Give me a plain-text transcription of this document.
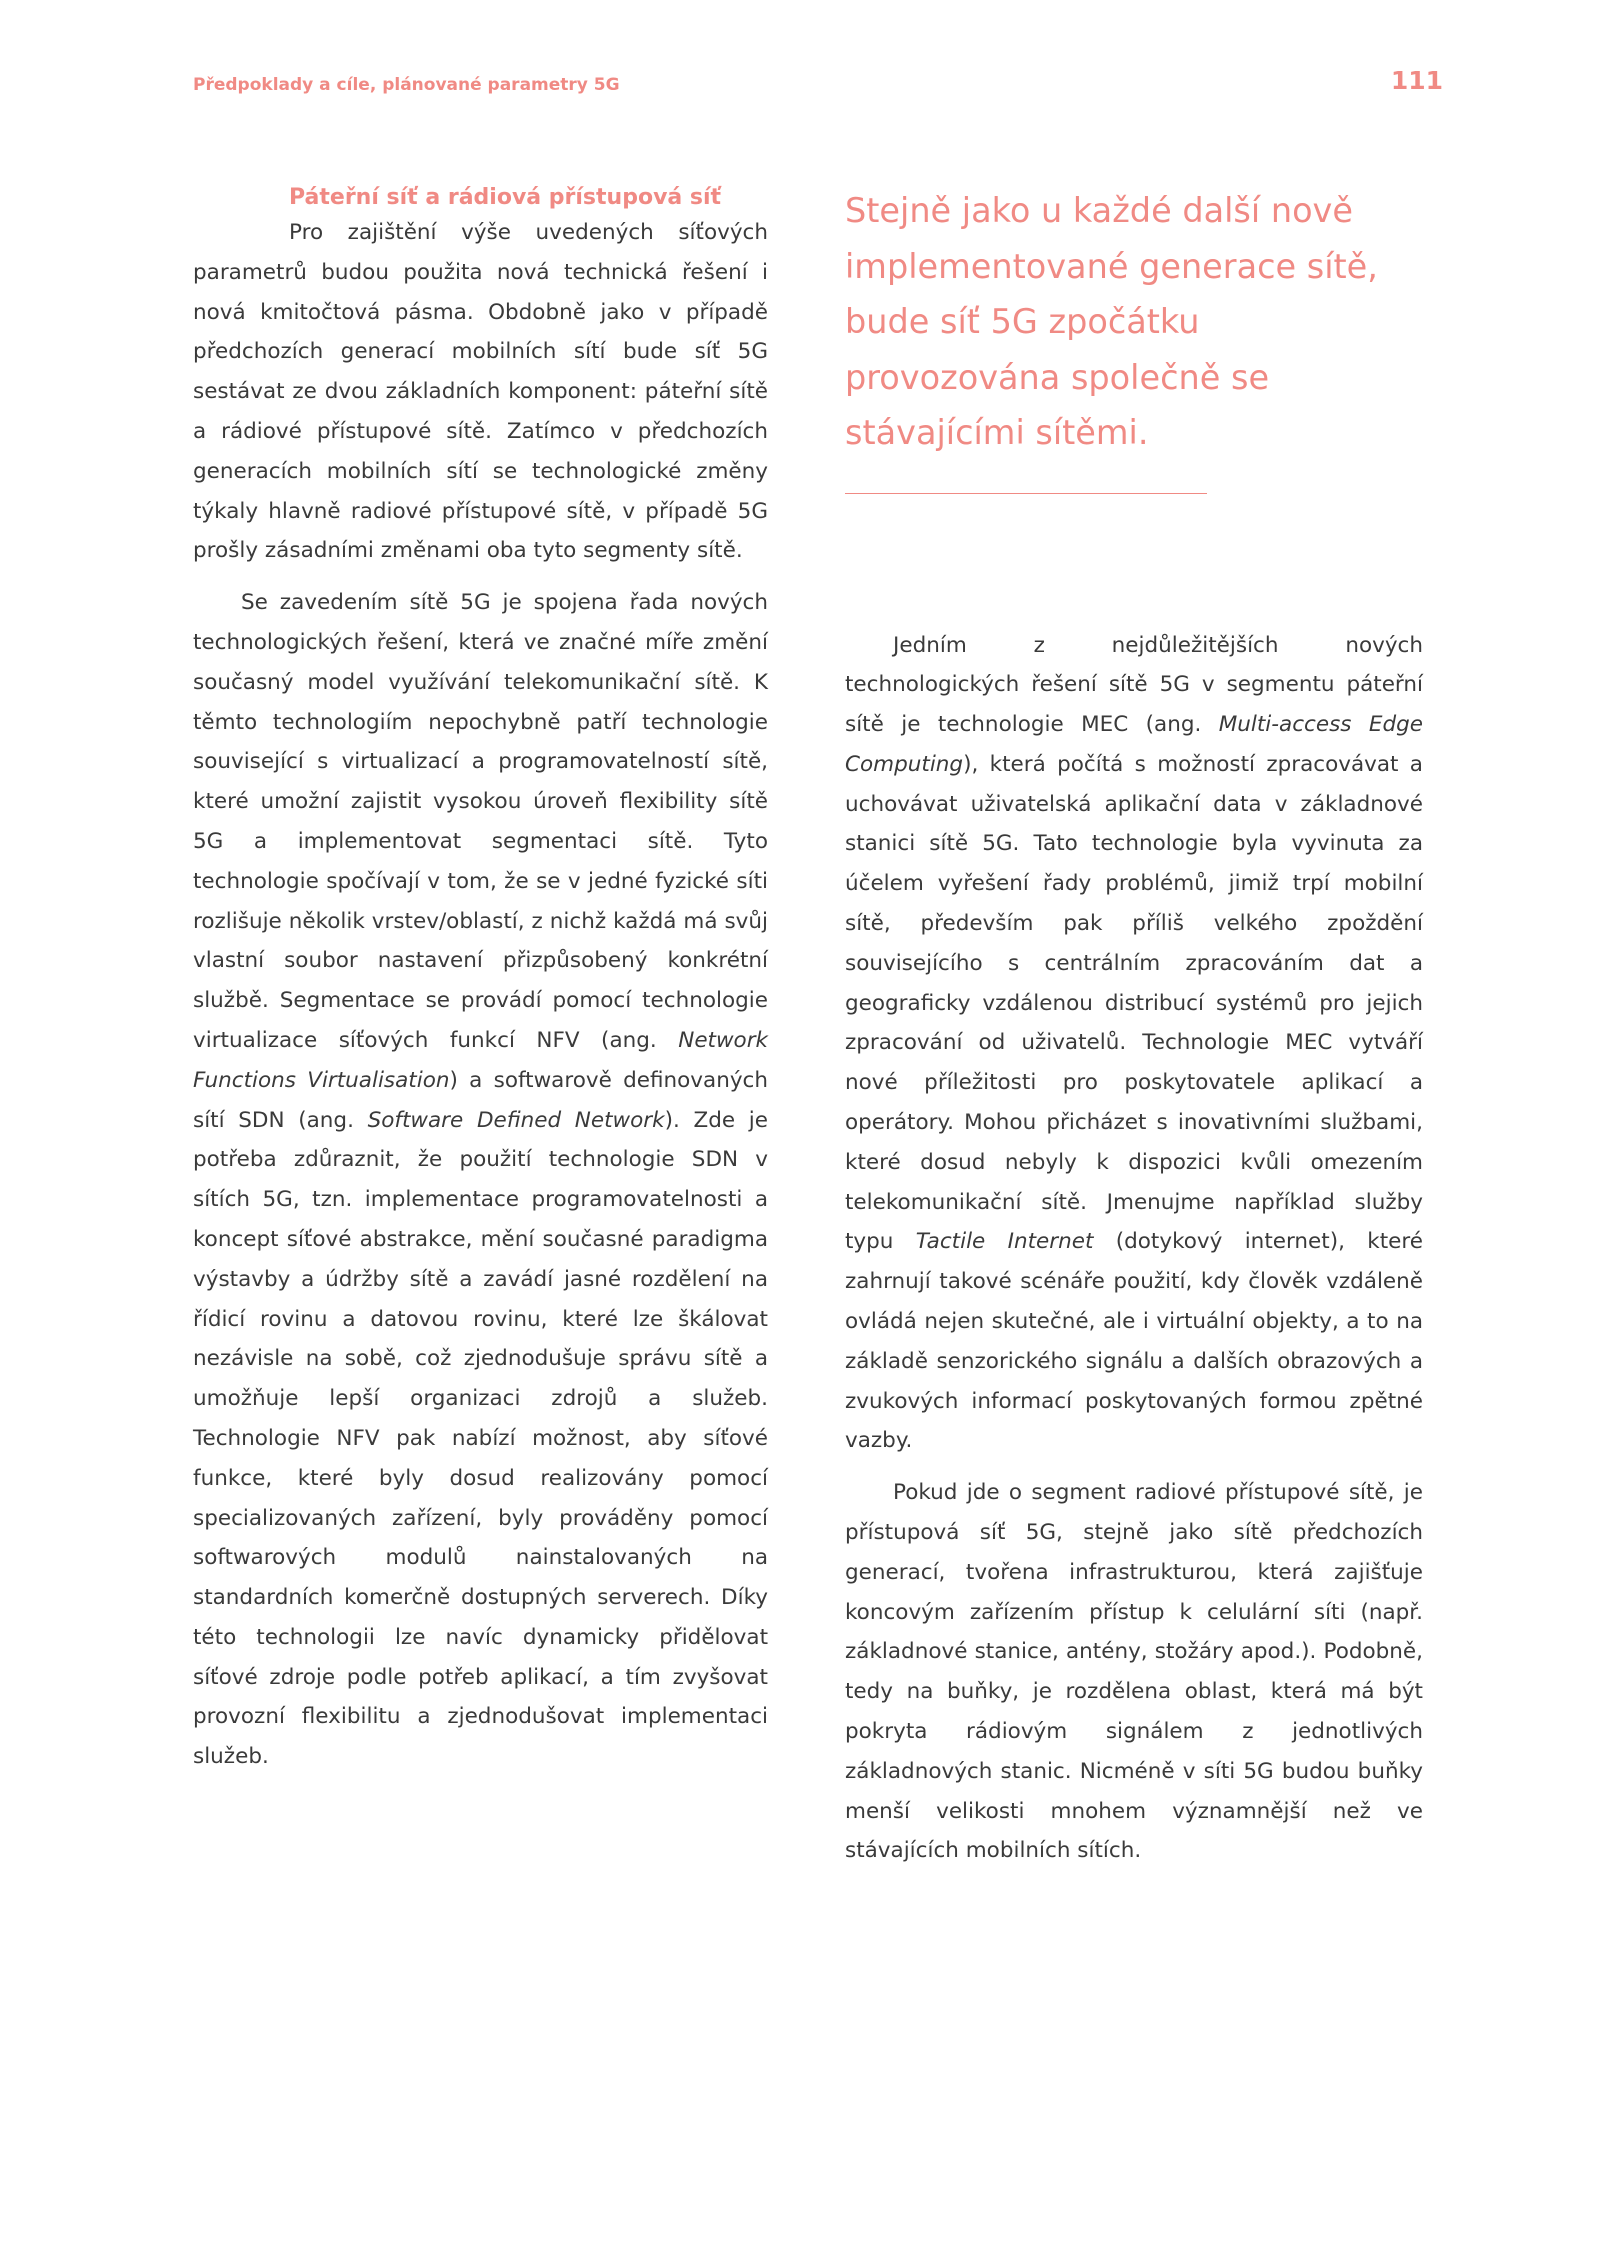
Předpoklady a cíle, plánované parametry 5G	111
Páteřní síť a rádiová přístupová síť

Pro zajištění výše uvedených síťových parametrů budou použita nová technická řešení i nová kmitočtová pásma. Obdobně jako v případě předchozích generací mobilních sítí bude síť 5G sestávat ze dvou základních komponent: páteřní sítě a rádiové přístupové sítě. Zatímco v předchozích generacích mobilních sítí se technologické změny týkaly hlavně radiové přístupové sítě, v případě 5G prošly zásadními změnami oba tyto segmenty sítě.

Se zavedením sítě 5G je spojena řada nových technologických řešení, která ve značné míře změní současný model využívání telekomunikační sítě. K těmto technologiím nepochybně patří technologie související s virtualizací a programovatelností sítě, které umožní zajistit vysokou úroveň flexibility sítě 5G a implementovat segmentaci sítě. Tyto technologie spočívají v tom, že se v jedné fyzické síti rozlišuje několik vrstev/oblastí, z nichž každá má svůj vlastní soubor nastavení přizpůsobený konkrétní službě. Segmentace se provádí pomocí technologie virtualizace síťových funkcí NFV (ang. Network Functions Virtualisation) a softwarově definovaných sítí SDN (ang. Software Defined Network). Zde je potřeba zdůraznit, že použití technologie SDN v sítích 5G, tzn. implementace programovatelnosti a koncept síťové abstrakce, mění současné paradigma výstavby a údržby sítě a zavádí jasné rozdělení na řídicí rovinu a datovou rovinu, které lze škálovat nezávisle na sobě, což zjednodušuje správu sítě a umožňuje lepší organizaci zdrojů a služeb. Technologie NFV pak nabízí možnost, aby síťové funkce, které byly dosud realizovány pomocí specializovaných zařízení, byly prováděny pomocí softwarových modulů nainstalovaných na standardních komerčně dostupných serverech. Díky této technologii lze navíc dynamicky přidělovat síťové zdroje podle potřeb aplikací, a tím zvyšovat provozní flexibilitu a zjednodušovat implementaci služeb.

Stejně jako u každé další nově implementované generace sítě, bude síť 5G zpočátku provozována společně se stávajícími sítěmi.

Jedním z nejdůležitějších nových technologických řešení sítě 5G v segmentu páteřní sítě je technologie MEC (ang. Multi-access Edge Computing), která počítá s možností zpracovávat a uchovávat uživatelská aplikační data v základnové stanici sítě 5G. Tato technologie byla vyvinuta za účelem vyřešení řady problémů, jimiž trpí mobilní sítě, především pak příliš velkého zpoždění souvisejícího s centrálním zpracováním dat a geograficky vzdálenou distribucí systémů pro jejich zpracování od uživatelů. Technologie MEC vytváří nové příležitosti pro poskytovatele aplikací a operátory. Mohou přicházet s inovativními službami, které dosud nebyly k dispozici kvůli omezením telekomunikační sítě. Jmenujme například služby typu Tactile Internet (dotykový internet), které zahrnují takové scénáře použití, kdy člověk vzdáleně ovládá nejen skutečné, ale i virtuální objekty, a to na základě senzorického signálu a dalších obrazových a zvukových informací poskytovaných formou zpětné vazby.

Pokud jde o segment radiové přístupové sítě, je přístupová síť 5G, stejně jako sítě předchozích generací, tvořena infrastrukturou, která zajišťuje koncovým zařízením přístup k celulární síti (např. základnové stanice, antény, stožáry apod.). Podobně, tedy na buňky, je rozdělena oblast, která má být pokryta rádiovým signálem z jednotlivých základnových stanic. Nicméně v síti 5G budou buňky menší velikosti mnohem významnější než ve stávajících mobilních sítích.
